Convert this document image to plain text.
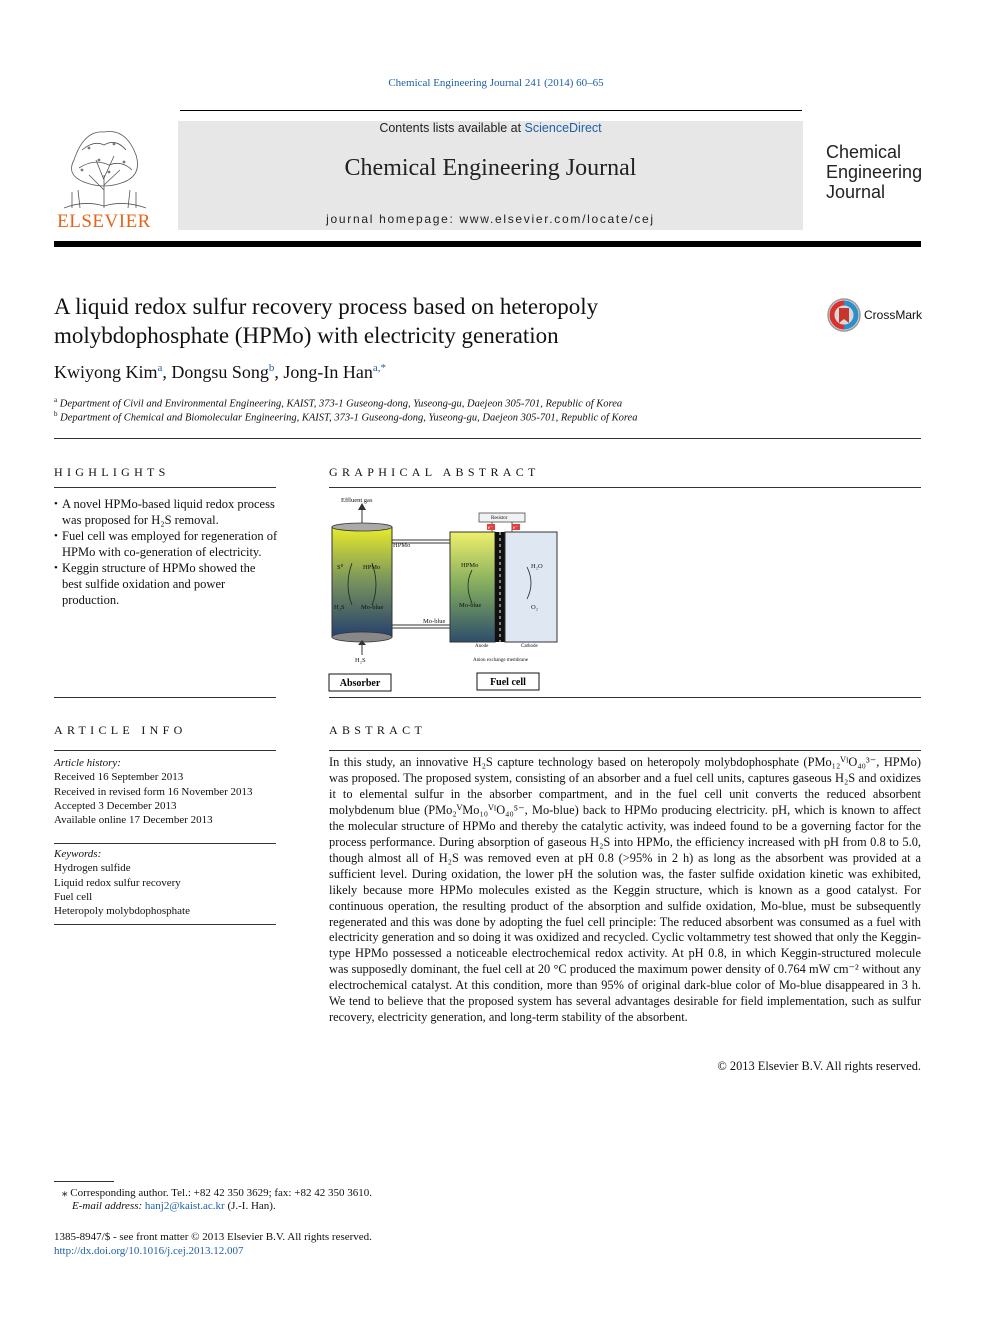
Chemical Engineering Journal 241 (2014) 60–65
ELSEVIER
Contents lists available at ScienceDirect
Chemical Engineering Journal
journal homepage: www.elsevier.com/locate/cej
Chemical
Engineering
Journal
A liquid redox sulfur recovery process based on heteropoly
molybdophosphate (HPMo) with electricity generation
CrossMark
Kwiyong Kim$^a$, Dongsu Song$^b$, Jong-In Han$^{a,*}$
$^a$ Department of Civil and Environmental Engineering, KAIST, 373-1 Guseong-dong, Yuseong-gu, Daejeon 305-701, Republic of Korea
$^b$ Department of Chemical and Biomolecular Engineering, KAIST, 373-1 Guseong-dong, Yuseong-gu, Daejeon 305-701, Republic of Korea
HIGHLIGHTS
• A novel HPMo-based liquid redox process was proposed for H₂S removal.
• Fuel cell was employed for regeneration of HPMo with co-generation of electricity.
• Keggin structure of HPMo showed the best sulfide oxidation and power production.
GRAPHICAL ABSTRACT
Effluent gas
HPMo
S⁰	HPMo
H₂S	Mo-blue
Mo-blue
H₂S
Resistor
e⁻	e⁻
HPMo
Mo-blue
H₂O
O₂
Anode	Cathode
Anion exchange membrane
Absorber	Fuel cell
ARTICLE INFO
Article history:
Received 16 September 2013
Received in revised form 16 November 2013
Accepted 3 December 2013
Available online 17 December 2013
Keywords:
Hydrogen sulfide
Liquid redox sulfur recovery
Fuel cell
Heteropoly molybdophosphate
ABSTRACT
In this study, an innovative H₂S capture technology based on heteropoly molybdophosphate (PMo₁₂ⱽᴵO₄₀³⁻, HPMo) was proposed. The proposed system, consisting of an absorber and a fuel cell units, captures gaseous H₂S and oxidizes it to elemental sulfur in the absorber compartment, and in the fuel cell unit converts the reduced absorbent molybdenum blue (PMo₂ⱽMo₁₀ⱽᴵO₄₀⁵⁻, Mo-blue) back to HPMo producing electricity. pH, which is known to affect the molecular structure of HPMo and thereby the catalytic activity, was indeed found to be a governing factor for the process performance. During absorption of gaseous H₂S into HPMo, the efficiency increased with pH from 0.8 to 5.0, though almost all of H₂S was removed even at pH 0.8 (>95% in 2 h) as long as the absorbent was provided at a sufficient level. During oxidation, the lower pH the solution was, the faster sulfide oxidation kinetic was exhibited, likely because more HPMo molecules existed as the Keggin structure, which is known as a good catalyst. For continuous operation, the resulting product of the absorption and sulfide oxidation, Mo-blue, must be subsequently regenerated and this was done by adopting the fuel cell principle: The reduced absorbent was consumed as a fuel with electricity generation and so doing it was oxidized and recycled. Cyclic voltammetry test showed that only the Keggin-type HPMo possessed a noticeable electrochemical redox activity. At pH 0.8, in which Keggin-structured molecule was supposedly dominant, the fuel cell at 20 °C produced the maximum power density of 0.764 mW cm⁻² without any electrochemical catalyst. At this condition, more than 95% of original dark-blue color of Mo-blue disappeared in 3 h. We tend to believe that the proposed system has several advantages desirable for field implementation, such as sulfur recovery, electricity generation, and long-term stability of the absorbent.
© 2013 Elsevier B.V. All rights reserved.
⁎ Corresponding author. Tel.: +82 42 350 3629; fax: +82 42 350 3610.
E-mail address: hanj2@kaist.ac.kr (J.-I. Han).
1385-8947/$ - see front matter © 2013 Elsevier B.V. All rights reserved.
http://dx.doi.org/10.1016/j.cej.2013.12.007
